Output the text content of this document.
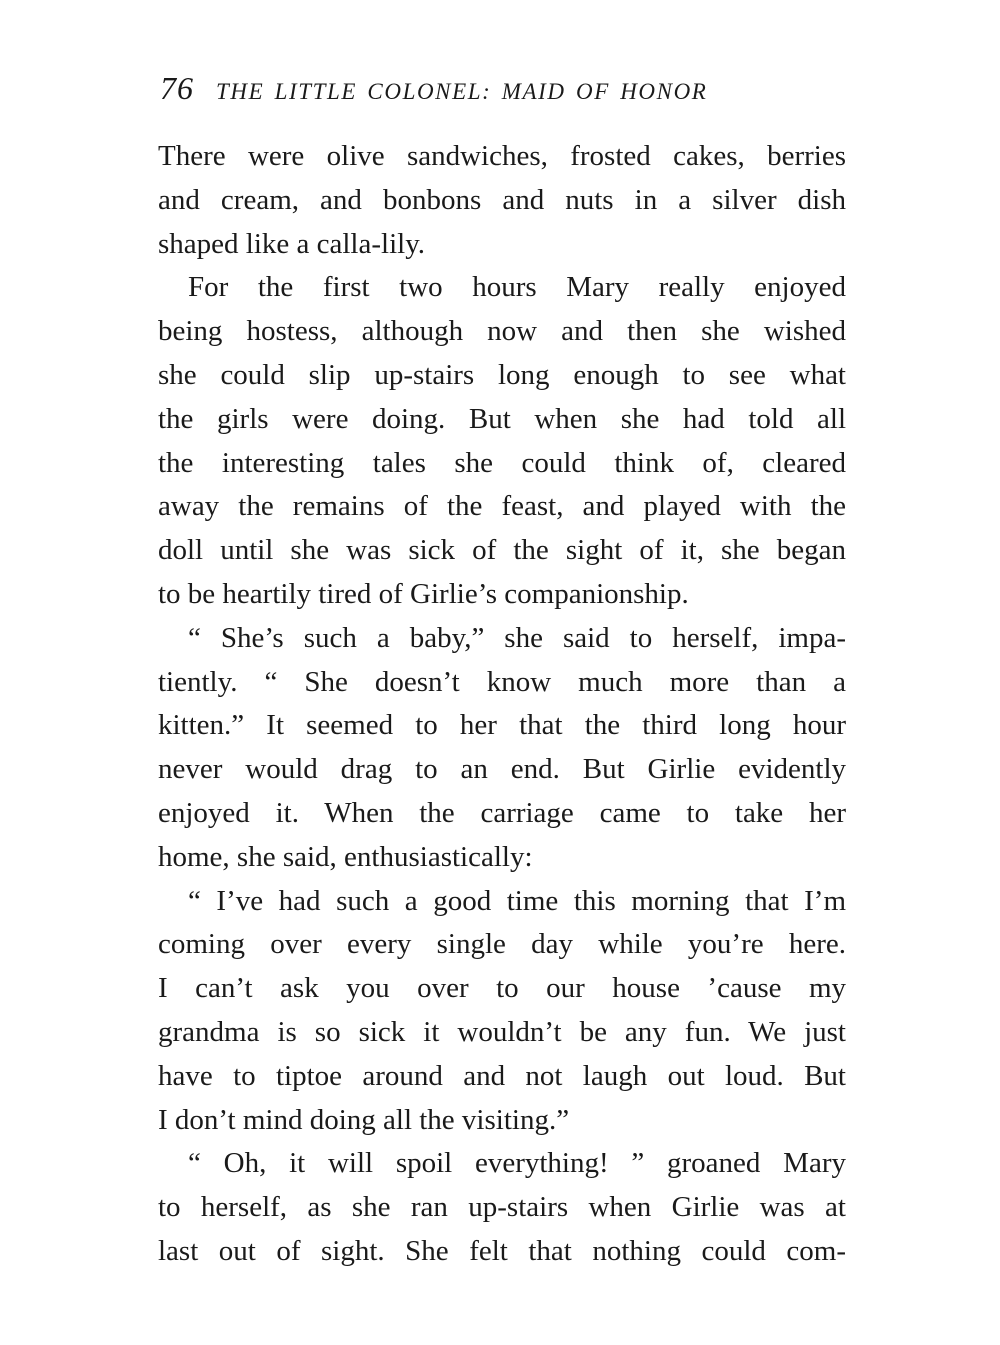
76 THE LITTLE COLONEL: MAID OF HONOR
There were olive sandwiches, frosted cakes, berries
and cream, and bonbons and nuts in a silver dish
shaped like a calla-lily.
For the first two hours Mary really enjoyed
being hostess, although now and then she wished
she could slip up-stairs long enough to see what
the girls were doing. But when she had told all
the interesting tales she could think of, cleared
away the remains of the feast, and played with the
doll until she was sick of the sight of it, she began
to be heartily tired of Girlie’s companionship.
“ She’s such a baby,” she said to herself, impa-
tiently. “ She doesn’t know much more than a
kitten.” It seemed to her that the third long hour
never would drag to an end. But Girlie evidently
enjoyed it. When the carriage came to take her
home, she said, enthusiastically:
“ I’ve had such a good time this morning that I’m
coming over every single day while you’re here.
I can’t ask you over to our house ’cause my
grandma is so sick it wouldn’t be any fun. We just
have to tiptoe around and not laugh out loud. But
I don’t mind doing all the visiting.”
“ Oh, it will spoil everything! ” groaned Mary
to herself, as she ran up-stairs when Girlie was at
last out of sight. She felt that nothing could com-
